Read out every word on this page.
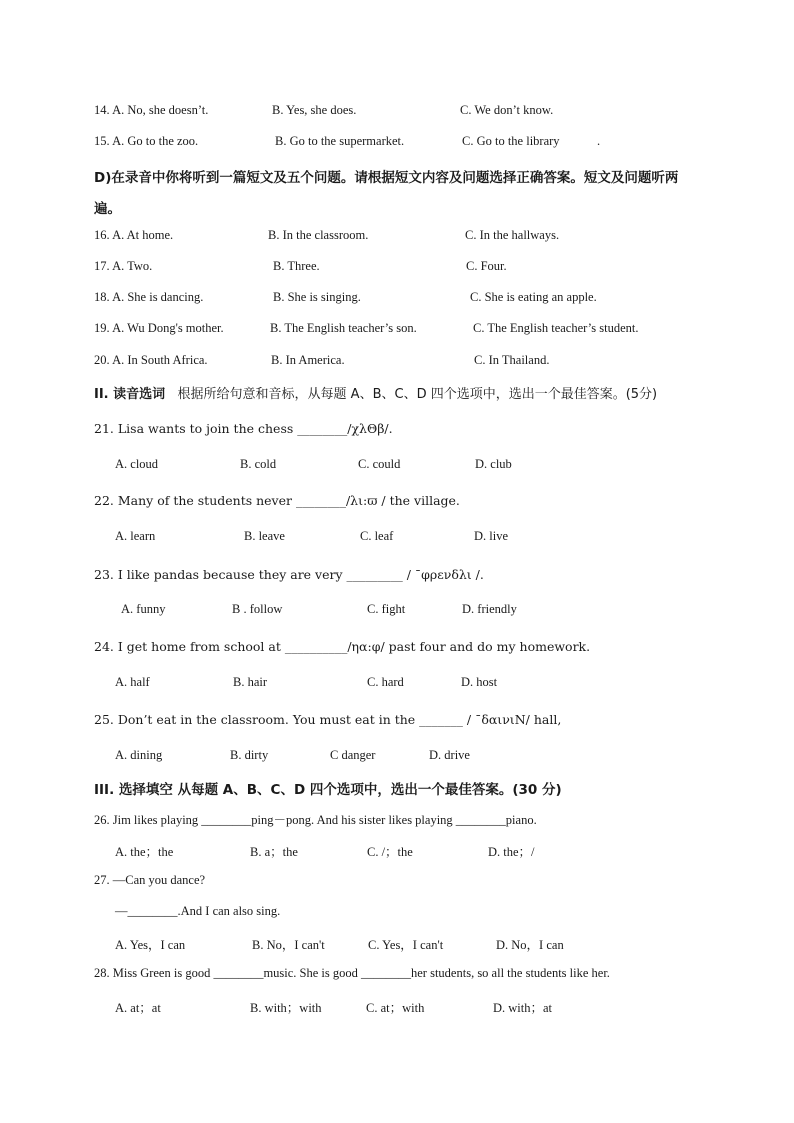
14. A. No, she doesn’t.	B. Yes, she does.	C. We don’t know.
15. A. Go to the zoo.	B. Go to the supermarket.	C. Go to the library	.
D)在录音中你将听到一篇短文及五个问题。请根据短文内容及问题选择正确答案。短文及问题听两
遍。
16. A. At home.	B. In the classroom.	C. In the hallways.
17. A. Two.	B. Three.	C. Four.
18. A. She is dancing.	B. She is singing.	C. She is eating an apple.
19. A. Wu Dong's mother.	B. The English teacher’s son.	C. The English teacher’s student.
20. A. In South Africa.	B. In America.	C. In Thailand.
II. 读音选词 根据所给句意和音标，从每题 A、B、C、D 四个选项中，选出一个最佳答案。(5分)
21. Lisa wants to join the chess ________/χλΘβ/.
A. cloud	B. cold	C. could	D. club
22. Many of the students never ________/λι:ϖ / the village.
A. learn	B. leave	C. leaf	D. live
23. I like pandas because they are very _________ / ¯φρενδλι /.
A. funny	B . follow	C. fight	D. friendly
24. I get home from school at __________/ηα:φ/ past four and do my homework.
A. half	B. hair	C. hard	D. host
25. Don’t eat in the classroom. You must eat in the _______ / ¯δαινιΝ/ hall,
A. dining	B. dirty	C danger	D. drive
III. 选择填空 从每题 A、B、C、D 四个选项中，选出一个最佳答案。(30 分)
26. Jim likes playing ________ping－pong. And his sister likes playing ________piano.
A. the；the	B. a；the	C. /；the	D. the；/
27. —Can you dance?
—________.And I can also sing.
A. Yes，I can	B. No，I can't	C. Yes，I can't	D. No，I can
28. Miss Green is good ________music. She is good ________her students, so all the students like her.
A. at；at	B. with；with	C. at；with	D. with；at
